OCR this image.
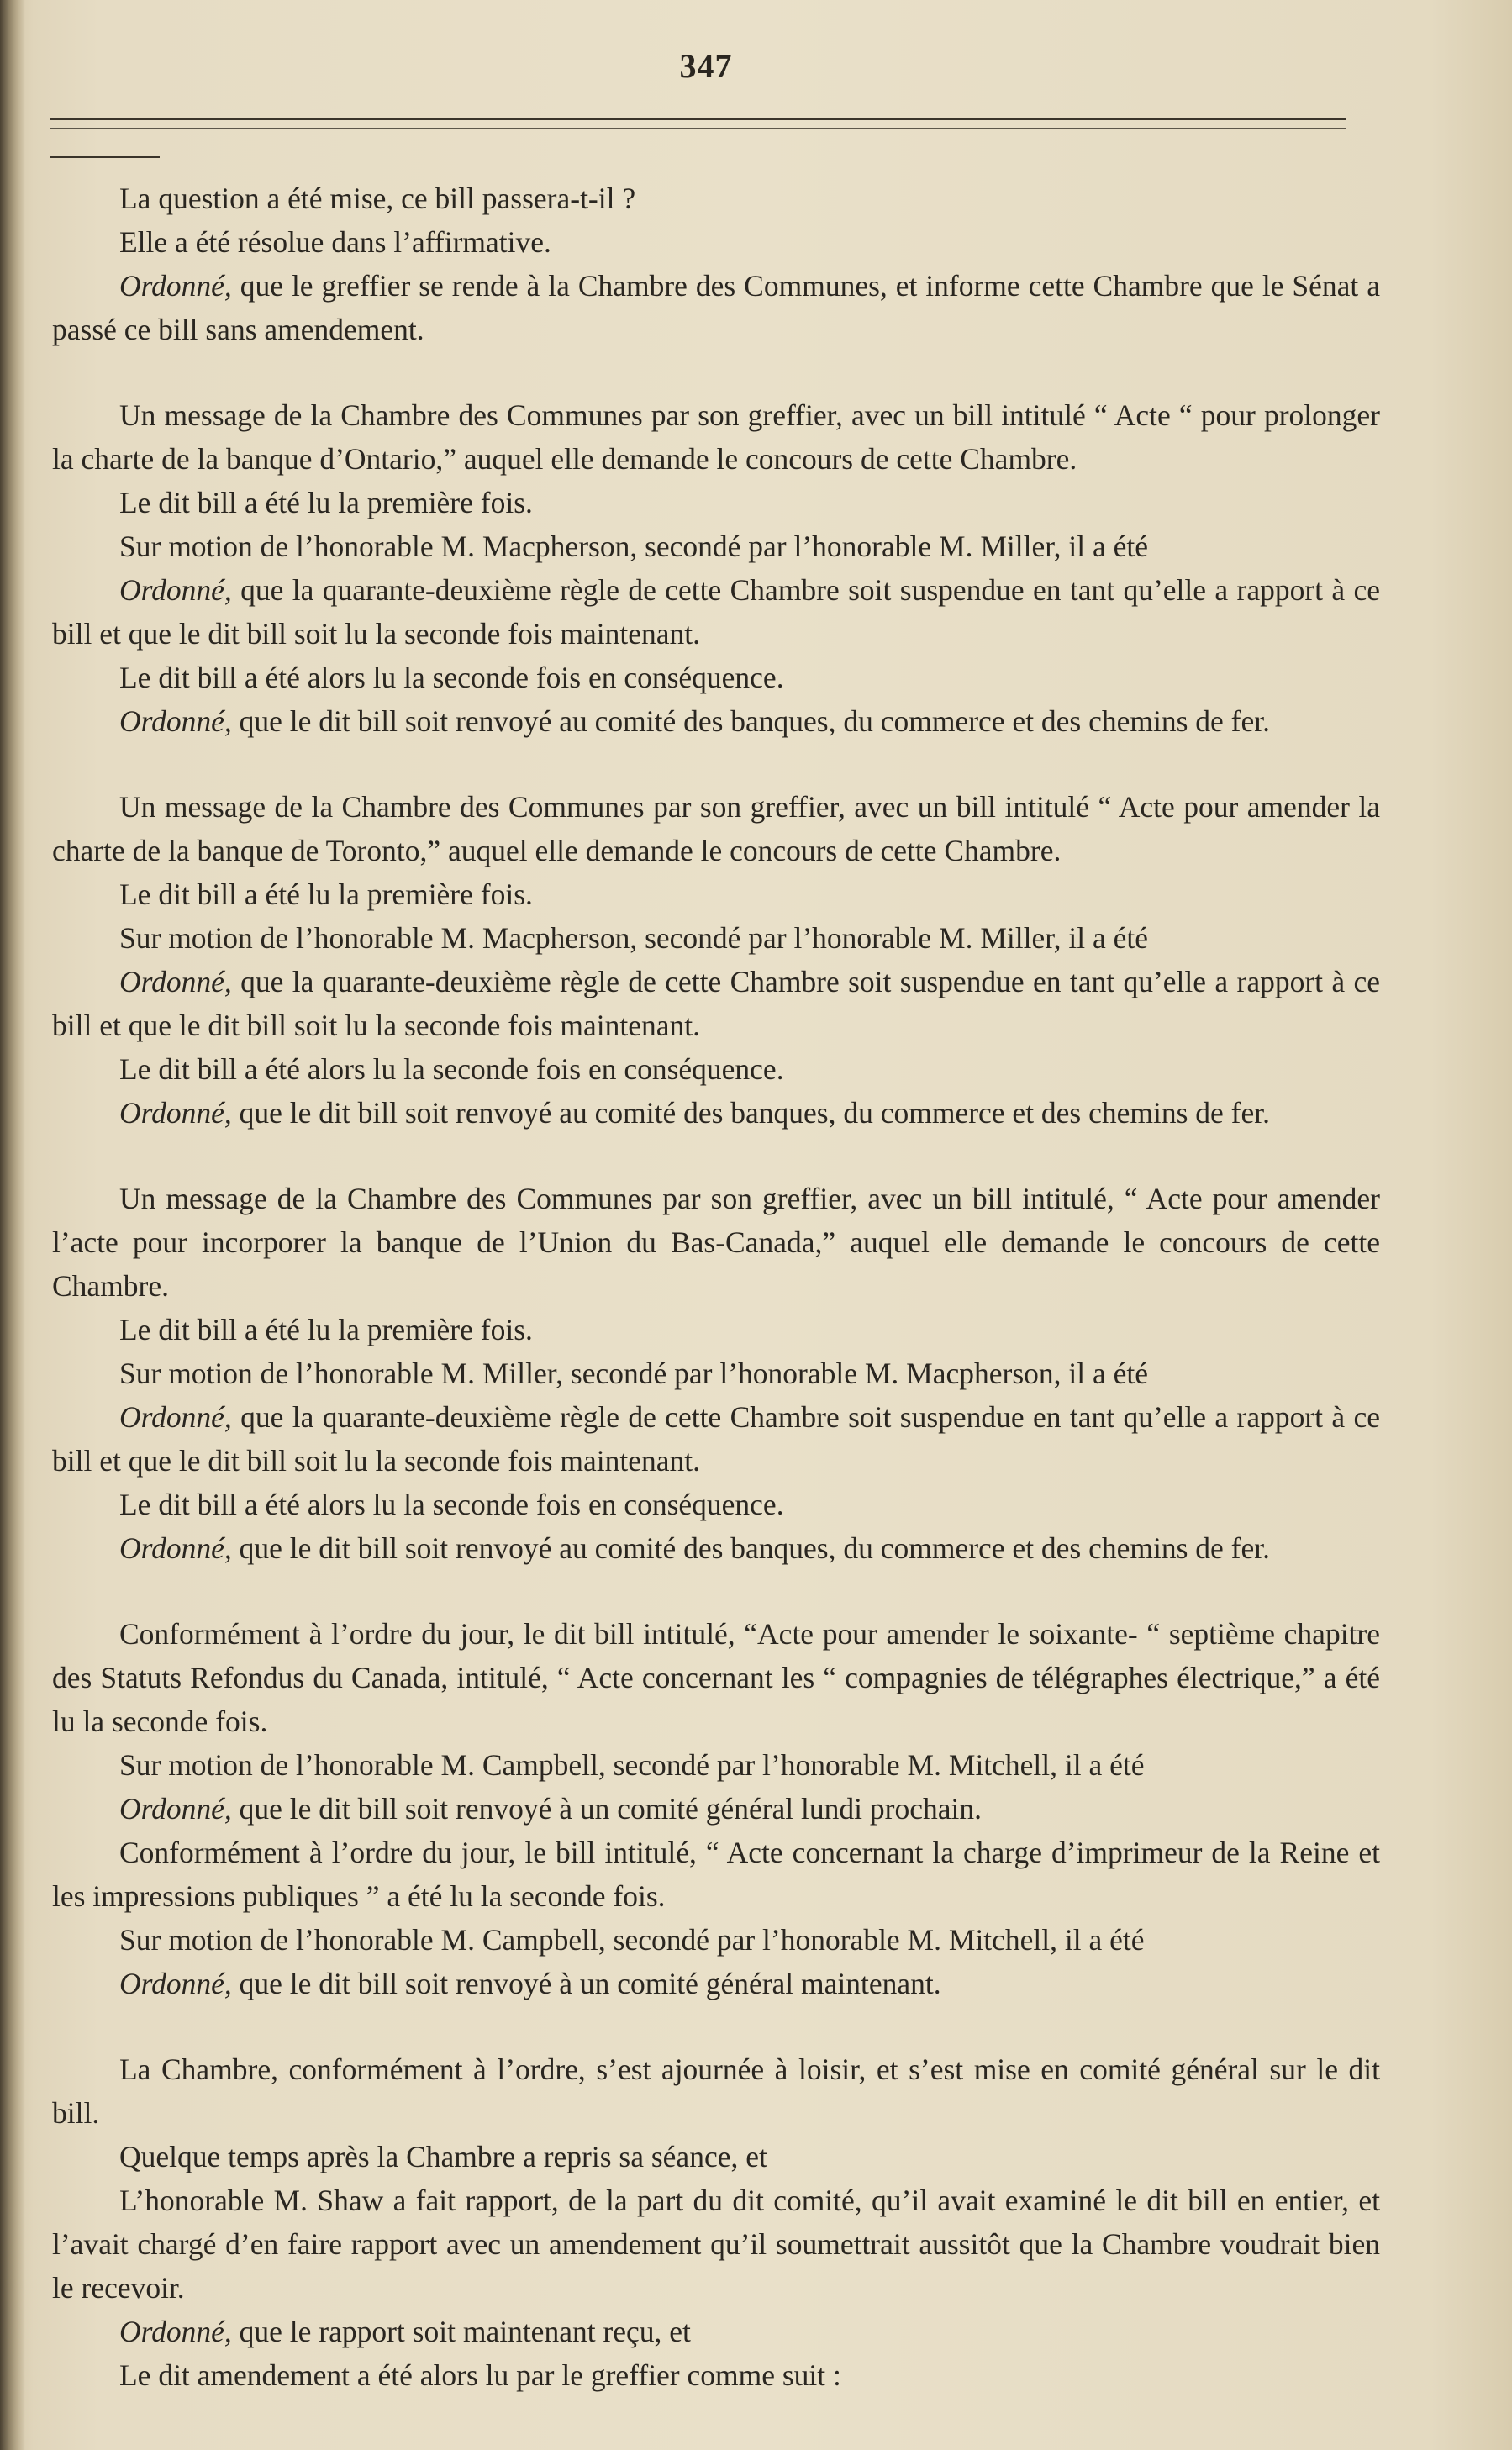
347

La question a été mise, ce bill passera-t-il ?

Elle a été résolue dans l’affirmative.

Ordonné, que le greffier se rende à la Chambre des Communes, et informe cette Chambre que le Sénat a passé ce bill sans amendement.

Un message de la Chambre des Communes par son greffier, avec un bill intitulé “ Acte “ pour prolonger la charte de la banque d’Ontario,” auquel elle demande le concours de cette Chambre.

Le dit bill a été lu la première fois.

Sur motion de l’honorable M. Macpherson, secondé par l’honorable M. Miller, il a été

Ordonné, que la quarante-deuxième règle de cette Chambre soit suspendue en tant qu’elle a rapport à ce bill et que le dit bill soit lu la seconde fois maintenant.

Le dit bill a été alors lu la seconde fois en conséquence.

Ordonné, que le dit bill soit renvoyé au comité des banques, du commerce et des chemins de fer.

Un message de la Chambre des Communes par son greffier, avec un bill intitulé “ Acte pour amender la charte de la banque de Toronto,” auquel elle demande le concours de cette Chambre.

Le dit bill a été lu la première fois.

Sur motion de l’honorable M. Macpherson, secondé par l’honorable M. Miller, il a été

Ordonné, que la quarante-deuxième règle de cette Chambre soit suspendue en tant qu’elle a rapport à ce bill et que le dit bill soit lu la seconde fois maintenant.

Le dit bill a été alors lu la seconde fois en conséquence.

Ordonné, que le dit bill soit renvoyé au comité des banques, du commerce et des chemins de fer.

Un message de la Chambre des Communes par son greffier, avec un bill intitulé, “ Acte pour amender l’acte pour incorporer la banque de l’Union du Bas-Canada,” auquel elle demande le concours de cette Chambre.

Le dit bill a été lu la première fois.

Sur motion de l’honorable M. Miller, secondé par l’honorable M. Macpherson, il a été

Ordonné, que la quarante-deuxième règle de cette Chambre soit suspendue en tant qu’elle a rapport à ce bill et que le dit bill soit lu la seconde fois maintenant.

Le dit bill a été alors lu la seconde fois en conséquence.

Ordonné, que le dit bill soit renvoyé au comité des banques, du commerce et des chemins de fer.

Conformément à l’ordre du jour, le dit bill intitulé, “Acte pour amender le soixante- “ septième chapitre des Statuts Refondus du Canada, intitulé, “ Acte concernant les “ compagnies de télégraphes électrique,” a été lu la seconde fois.

Sur motion de l’honorable M. Campbell, secondé par l’honorable M. Mitchell, il a été

Ordonné, que le dit bill soit renvoyé à un comité général lundi prochain.

Conformément à l’ordre du jour, le bill intitulé, “ Acte concernant la charge d’imprimeur de la Reine et les impressions publiques ” a été lu la seconde fois.

Sur motion de l’honorable M. Campbell, secondé par l’honorable M. Mitchell, il a été

Ordonné, que le dit bill soit renvoyé à un comité général maintenant.

La Chambre, conformément à l’ordre, s’est ajournée à loisir, et s’est mise en comité général sur le dit bill.

Quelque temps après la Chambre a repris sa séance, et

L’honorable M. Shaw a fait rapport, de la part du dit comité, qu’il avait examiné le dit bill en entier, et l’avait chargé d’en faire rapport avec un amendement qu’il soumettrait aussitôt que la Chambre voudrait bien le recevoir.

Ordonné, que le rapport soit maintenant reçu, et

Le dit amendement a été alors lu par le greffier comme suit :
